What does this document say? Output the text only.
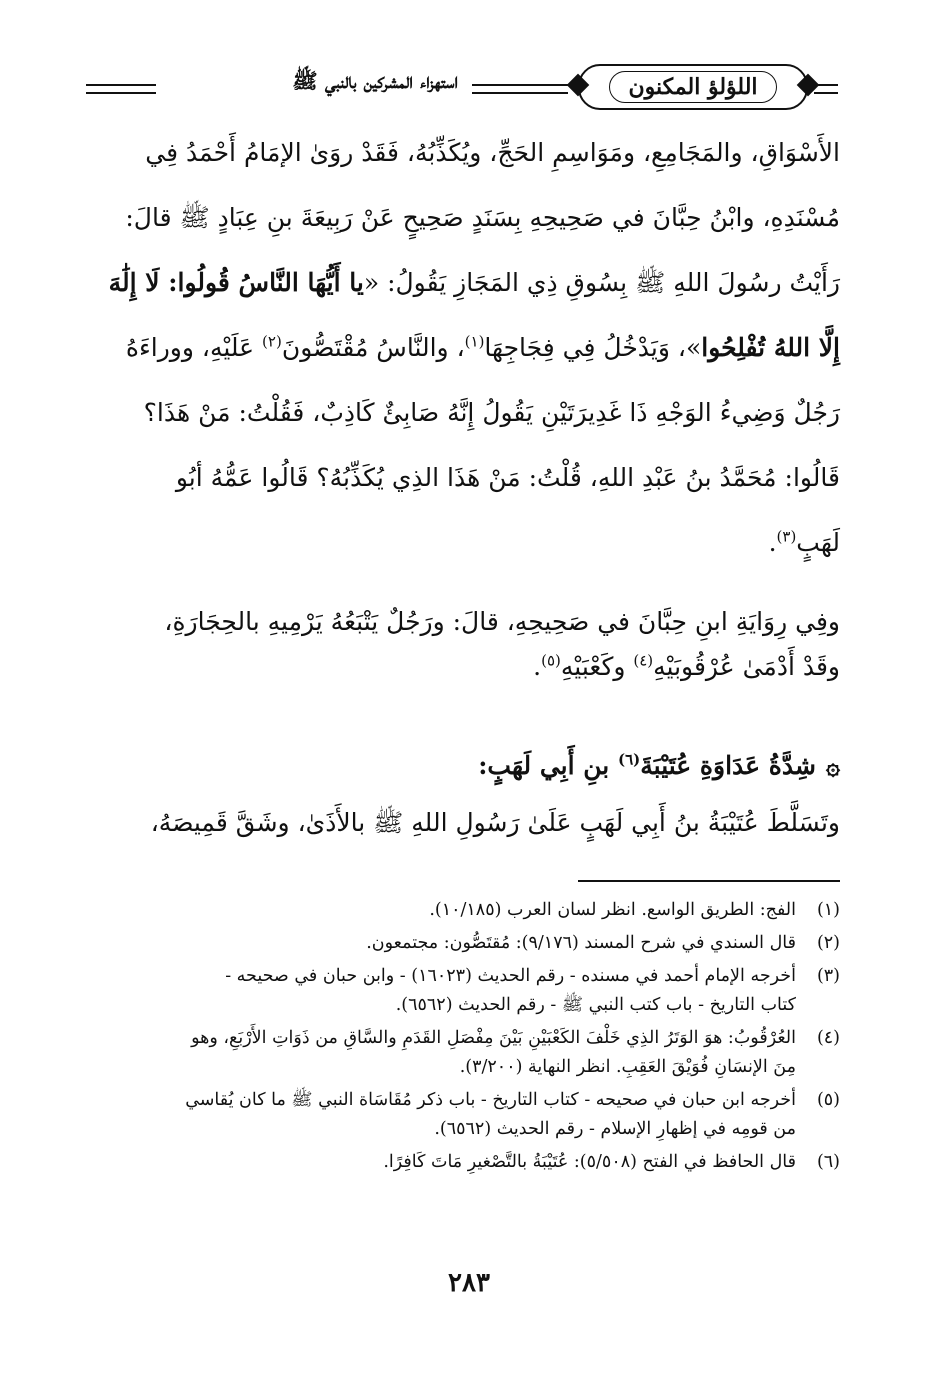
اللؤلؤ المكنون
استهزاء المشركين بالنبي ﷺ

الأَسْوَاقِ، والمَجَامِعِ، ومَوَاسِمِ الحَجِّ، ويُكَذِّبُهُ، فَقَدْ روَىٰ الإمَامُ أَحْمَدُ فِي

مُسْنَدِهِ، وابْنُ حِبَّانَ في صَحِيحِهِ بِسَنَدٍ صَحِيحٍ عَنْ رَبِيعَةَ بنِ عِبَادٍ ﷺ قالَ:

رَأَيْتُ رسُولَ اللهِ ﷺ بِسُوقِ ذِي المَجَازِ يَقُولُ: «يا أَيُّهَا النَّاسُ قُولُوا: لَا إِلَٰهَ

إِلَّا اللهُ تُفْلِحُوا»، وَيَدْخُلُ فِي فِجَاجِهَا$^{(١)}$، والنَّاسُ مُقْتَصُّونَ$^{(٢)}$ عَلَيْهِ، ووراءَهُ

رَجُلٌ وَضِيءُ الوَجْهِ ذَا غَدِيرَتَيْنِ يَقُولُ إِنَّهُ صَابِئٌ كَاذِبٌ، فَقُلْتُ: مَنْ هَذَا؟

قَالُوا: مُحَمَّدُ بنُ عَبْدِ اللهِ، قُلْتُ: مَنْ هَذَا الذِي يُكَذِّبُهُ؟ قَالُوا عَمُّهُ أبُو

لَهَبٍ$^{(٣)}$.

وفِي رِوَايَةِ ابنِ حِبَّانَ في صَحِيحِهِ، قالَ: ورَجُلٌ يَتْبَعُهُ يَرْمِيهِ بالحِجَارَةِ،

وقَدْ أَدْمَىٰ عُرْقُوبَيْهِ$^{(٤)}$ وكَعْبَيْهِ$^{(٥)}$.

۞
شِدَّةُ عَدَاوَةِ عُتَيْبَةَ$^{(٦)}$ بنِ أَبِي لَهَبٍ:

وتَسَلَّطَ عُتَيْبَةُ بنُ أَبِي لَهَبٍ عَلَىٰ رَسُولِ اللهِ ﷺ بالأَذَىٰ، وشَقَّ قَمِيصَهُ،

(١)
الفج: الطريق الواسع. انظر لسان العرب (١٠/١٨٥).
(٢)
قال السندي في شرح المسند (٩/١٧٦): مُقتَصُّون: مجتمعون.
(٣)
أخرجه الإمام أحمد في مسنده - رقم الحديث (١٦٠٢٣) - وابن حبان في صحيحه -
كتاب التاريخ - باب كتب النبي ﷺ - رقم الحديث (٦٥٦٢).
(٤)
العُرْقُوبُ: هوَ الوَتَرُ الذِي خَلْفَ الكَعْبَيْنِ بَيْنَ مِفْصَلِ القَدَمِ والسَّاقِ من ذَوَاتِ الأَرْبَعِ، وهو
مِنَ الإنسَانِ فُوَيْقَ العَقِبِ. انظر النهاية (٣/٢٠٠).
(٥)
أخرجه ابن حبان في صحيحه - كتاب التاريخ - باب ذكر مُقَاسَاة النبي ﷺ ما كان يُقاسي
من قومِه في إظهارِ الإسلام - رقم الحديث (٦٥٦٢).
(٦)
قال الحافظ في الفتح (٥/٥٠٨): عُتَيْبَةُ بالتَّصْغيرِ مَاتَ كَافِرًا.
٢٨٣
